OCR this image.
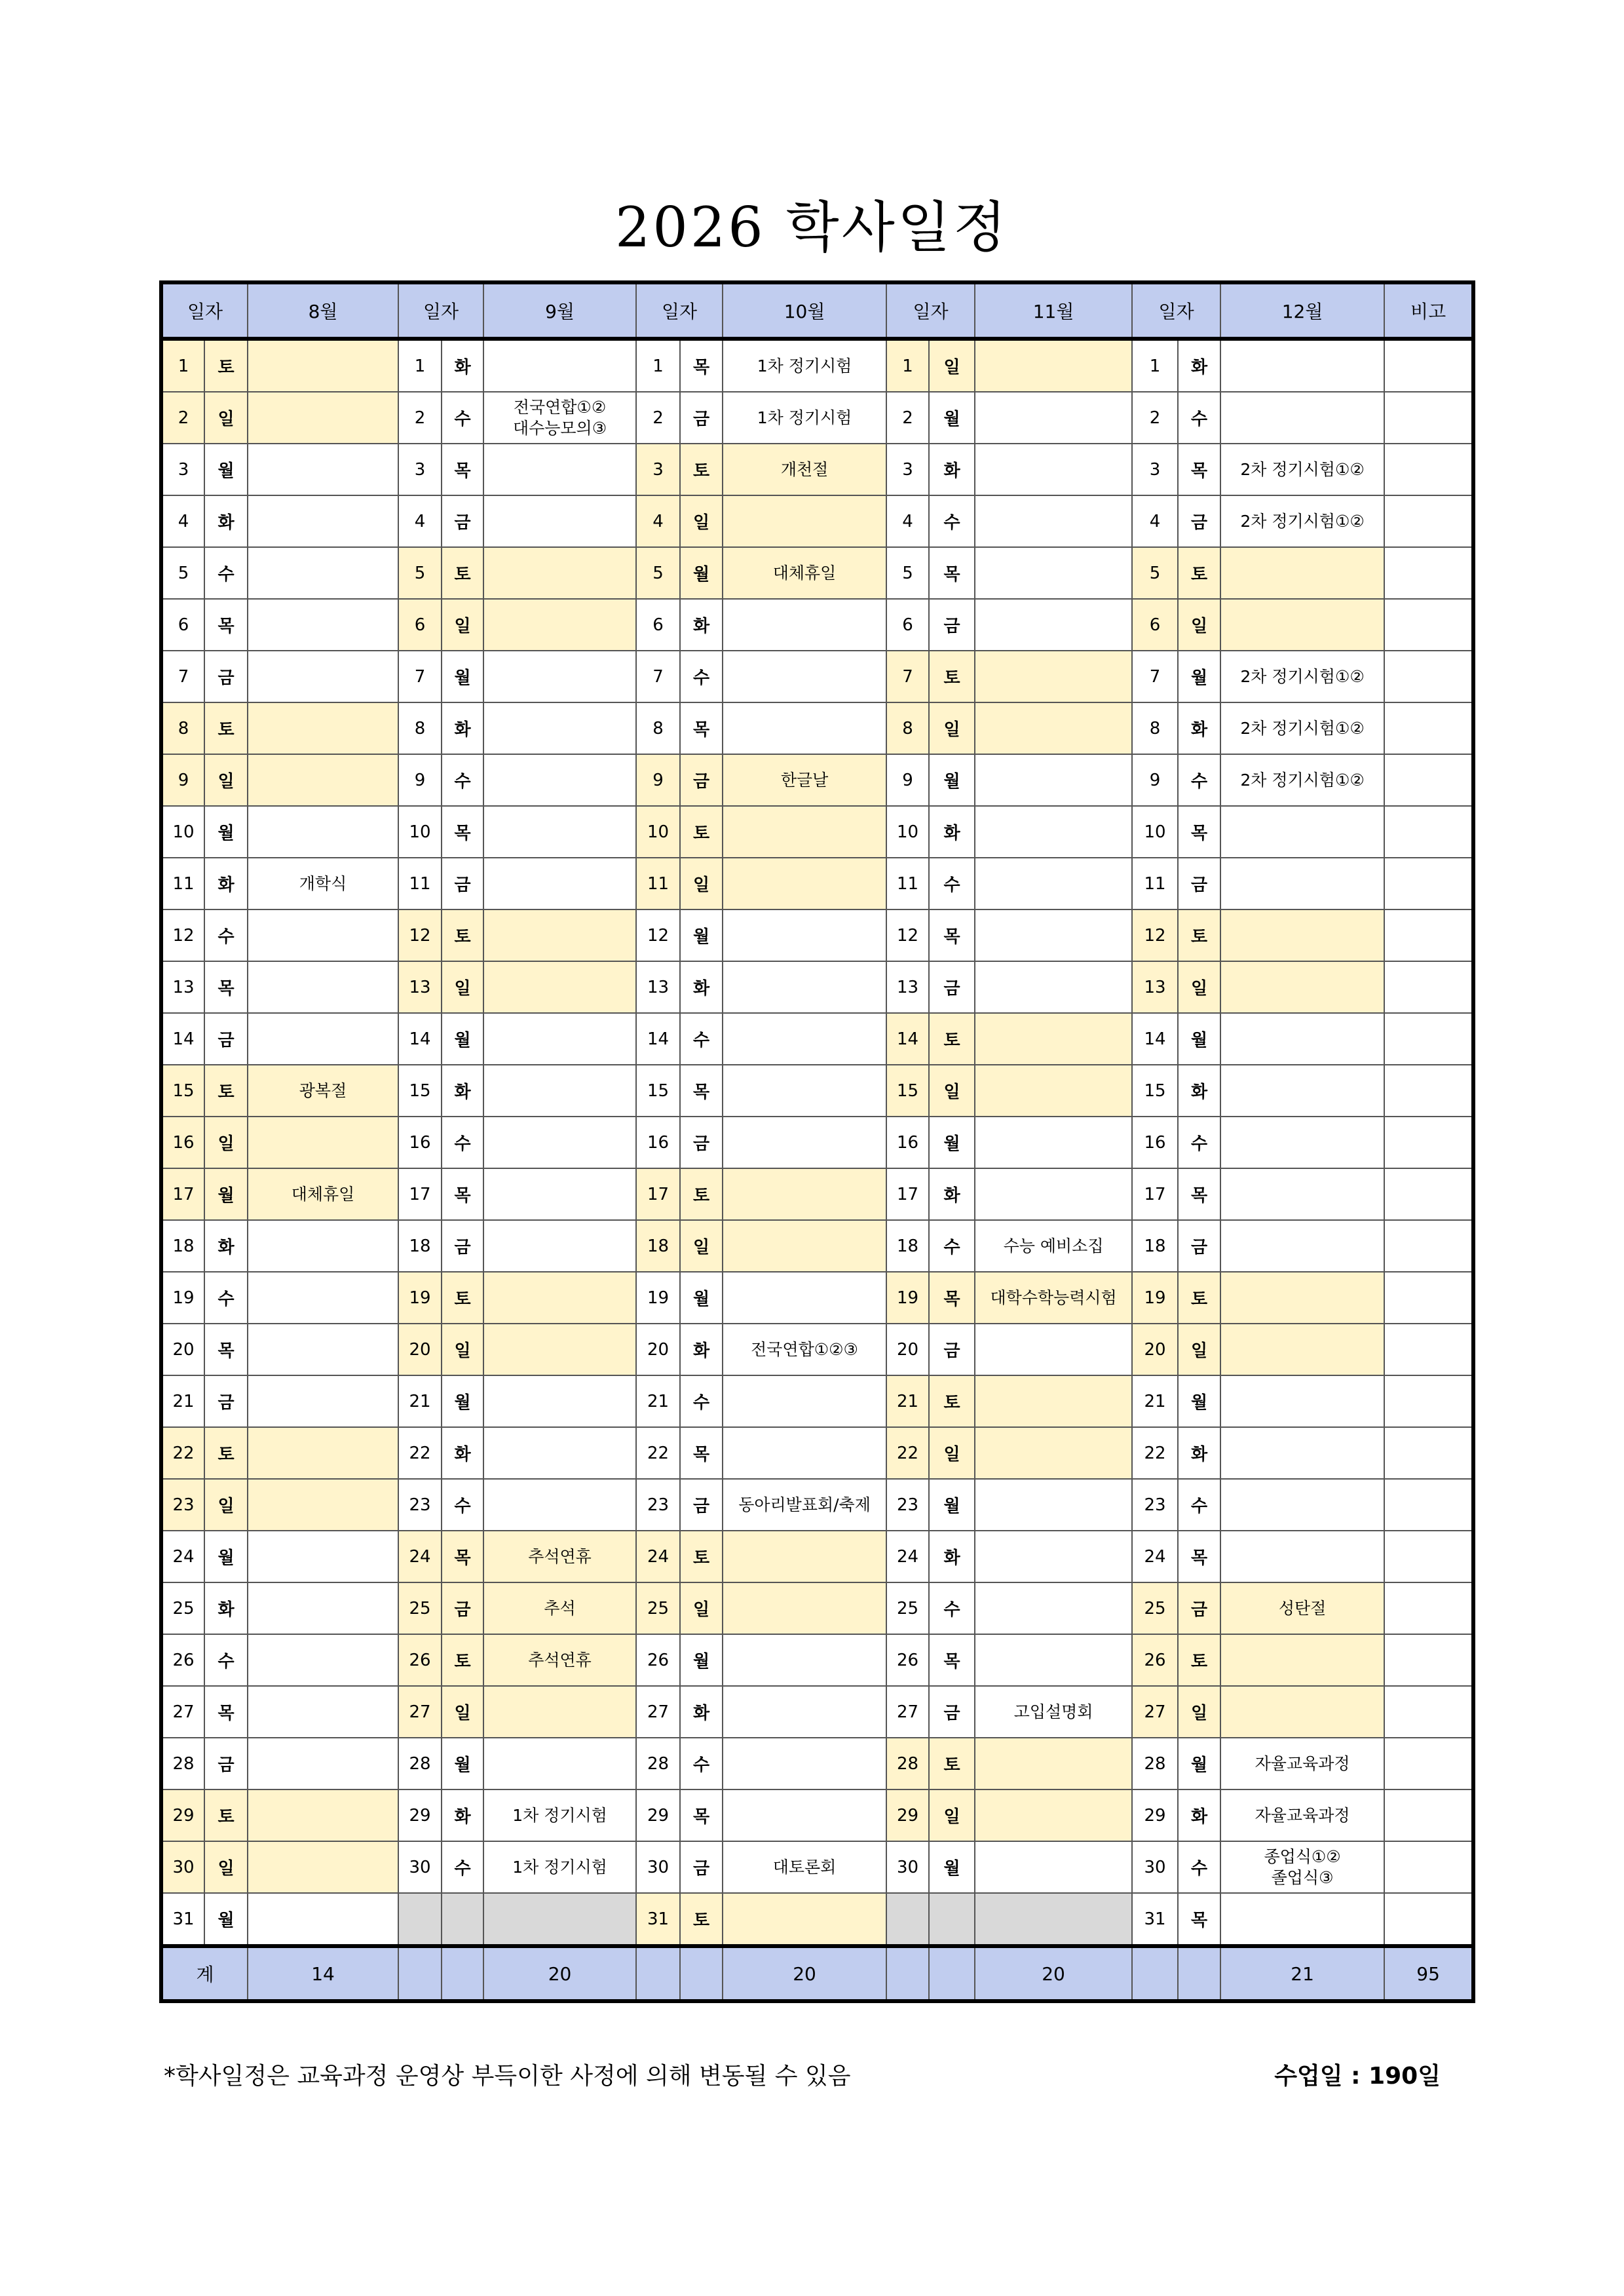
2026 학사일정
일자		8월	일자		9월	일자		10월	일자		11월	일자		12월	비고
1	토		1	화		1	목	1차 정기시험	1	일		1	화		
2	일		2	수	전국연합①②
대수능모의③	2	금	1차 정기시험	2	월		2	수		
3	월		3	목		3	토	개천절	3	화		3	목	2차 정기시험①②	
4	화		4	금		4	일		4	수		4	금	2차 정기시험①②	
5	수		5	토		5	월	대체휴일	5	목		5	토		
6	목		6	일		6	화		6	금		6	일		
7	금		7	월		7	수		7	토		7	월	2차 정기시험①②	
8	토		8	화		8	목		8	일		8	화	2차 정기시험①②	
9	일		9	수		9	금	한글날	9	월		9	수	2차 정기시험①②	
10	월		10	목		10	토		10	화		10	목		
11	화	개학식	11	금		11	일		11	수		11	금		
12	수		12	토		12	월		12	목		12	토		
13	목		13	일		13	화		13	금		13	일		
14	금		14	월		14	수		14	토		14	월		
15	토	광복절	15	화		15	목		15	일		15	화		
16	일		16	수		16	금		16	월		16	수		
17	월	대체휴일	17	목		17	토		17	화		17	목		
18	화		18	금		18	일		18	수	수능 예비소집	18	금		
19	수		19	토		19	월		19	목	대학수학능력시험	19	토		
20	목		20	일		20	화	전국연합①②③	20	금		20	일		
21	금		21	월		21	수		21	토		21	월		
22	토		22	화		22	목		22	일		22	화		
23	일		23	수		23	금	동아리발표회/축제	23	월		23	수		
24	월		24	목	추석연휴	24	토		24	화		24	목		
25	화		25	금	추석	25	일		25	수		25	금	성탄절	
26	수		26	토	추석연휴	26	월		26	목		26	토		
27	목		27	일		27	화		27	금	고입설명회	27	일		
28	금		28	월		28	수		28	토		28	월	자율교육과정	
29	토		29	화	1차 정기시험	29	목		29	일		29	화	자율교육과정	
30	일		30	수	1차 정기시험	30	금	대토론회	30	월		30	수	종업식①②
졸업식③	
31	월					31	토					31	목		
계		14			20			20			20			21	95
*학사일정은 교육과정 운영상 부득이한 사정에 의해 변동될 수 있음	수업일 : 190일
